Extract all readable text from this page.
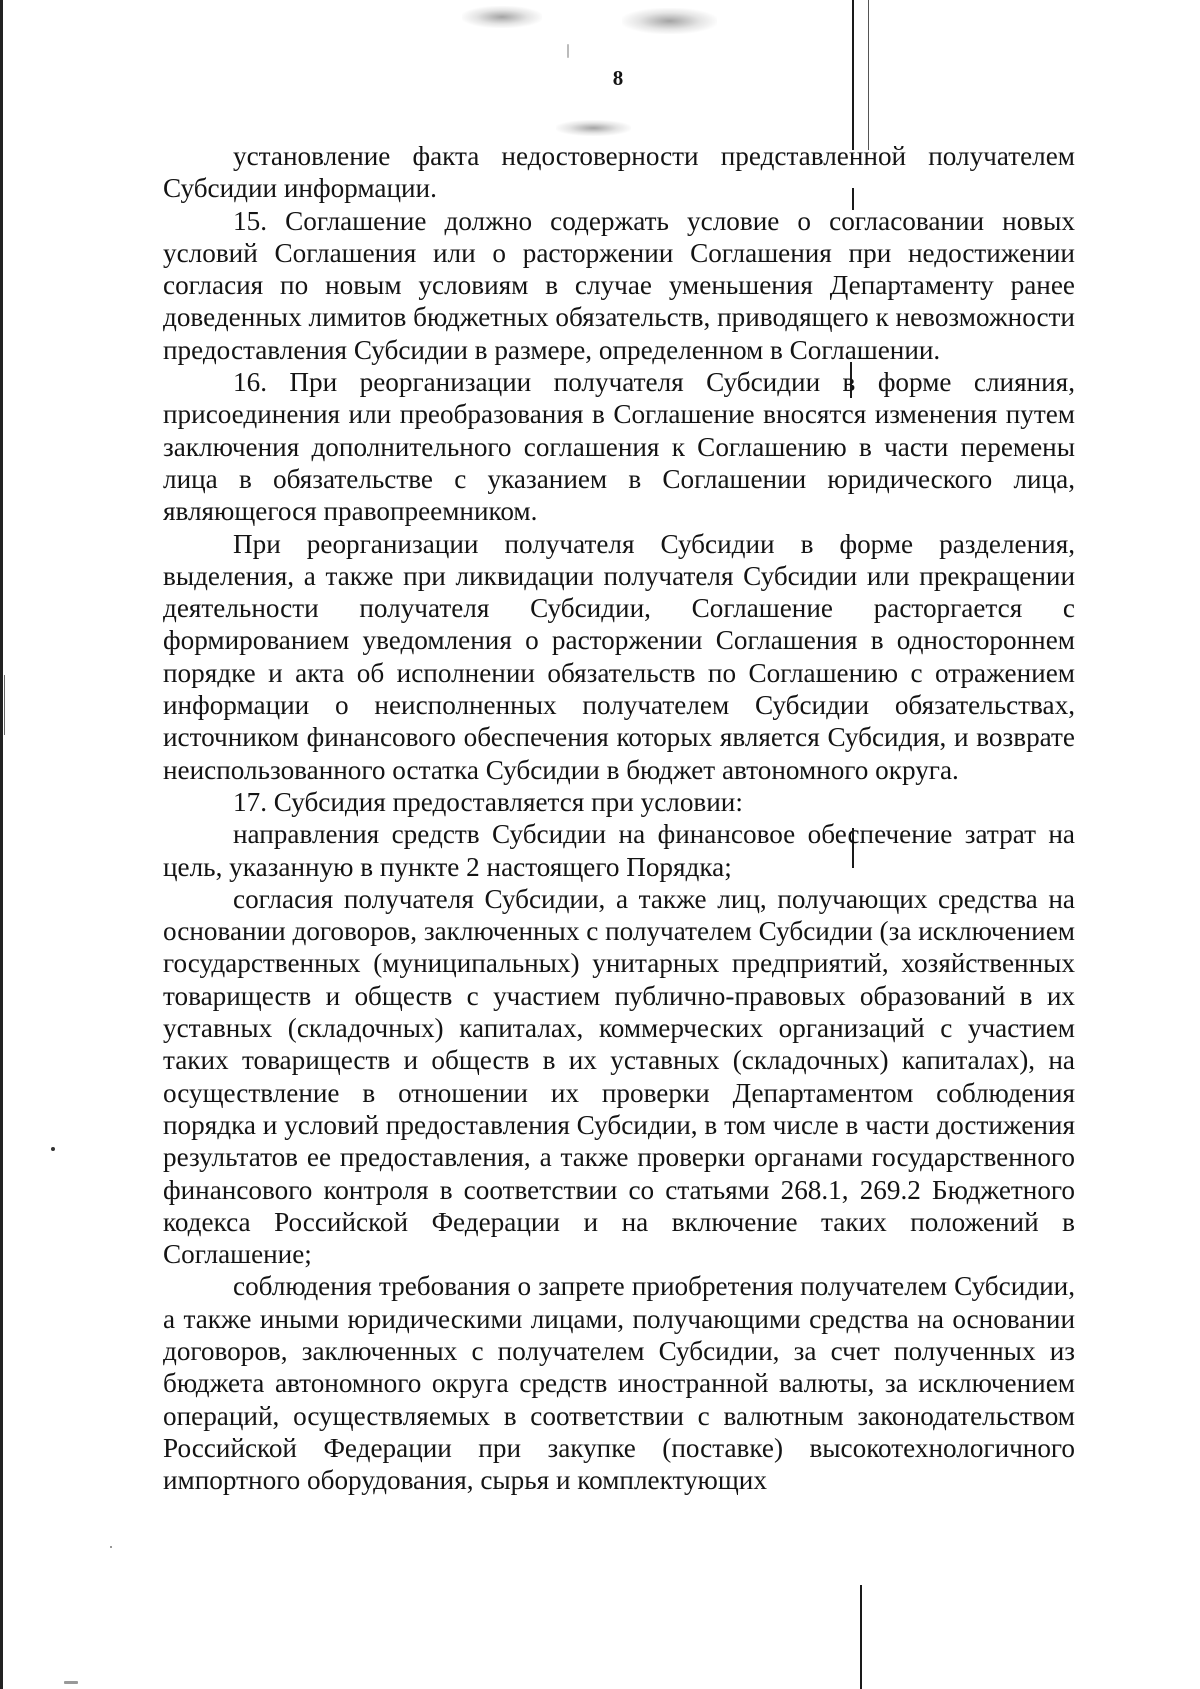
8

установление факта недостоверности представленной получателем Субсидии информации.

15. Соглашение должно содержать условие о согласовании новых условий Соглашения или о расторжении Соглашения при недостижении согласия по новым условиям в случае уменьшения Департаменту ранее доведенных лимитов бюджетных обязательств, приводящего к невозможности предоставления Субсидии в размере, определенном в Соглашении.

16. При реорганизации получателя Субсидии в форме слияния, присоединения или преобразования в Соглашение вносятся изменения путем заключения дополнительного соглашения к Соглашению в части перемены лица в обязательстве с указанием в Соглашении юридического лица, являющегося правопреемником.

При реорганизации получателя Субсидии в форме разделения, выделения, а также при ликвидации получателя Субсидии или прекращении деятельности получателя Субсидии, Соглашение расторгается с формированием уведомления о расторжении Соглашения в одностороннем порядке и акта об исполнении обязательств по Соглашению с отражением информации о неисполненных получателем Субсидии обязательствах, источником финансового обеспечения которых является Субсидия, и возврате неиспользованного остатка Субсидии в бюджет автономного округа.

17. Субсидия предоставляется при условии:

направления средств Субсидии на финансовое обеспечение затрат на цель, указанную в пункте 2 настоящего Порядка;

согласия получателя Субсидии, а также лиц, получающих средства на основании договоров, заключенных с получателем Субсидии (за исключением государственных (муниципальных) унитарных предприятий, хозяйственных товариществ и обществ с участием публично-правовых образований в их уставных (складочных) капиталах, коммерческих организаций с участием таких товариществ и обществ в их уставных (складочных) капиталах), на осуществление в отношении их проверки Департаментом соблюдения порядка и условий предоставления Субсидии, в том числе в части достижения результатов ее предоставления, а также проверки органами государственного финансового контроля в соответствии со статьями 268.1, 269.2 Бюджетного кодекса Российской Федерации и на включение таких положений в Соглашение;

соблюдения требования о запрете приобретения получателем Субсидии, а также иными юридическими лицами, получающими средства на основании договоров, заключенных с получателем Субсидии, за счет полученных из бюджета автономного округа средств иностранной валюты, за исключением операций, осуществляемых в соответствии с валютным законодательством Российской Федерации при закупке (поставке) высокотехнологичного импортного оборудования, сырья и комплектующих
